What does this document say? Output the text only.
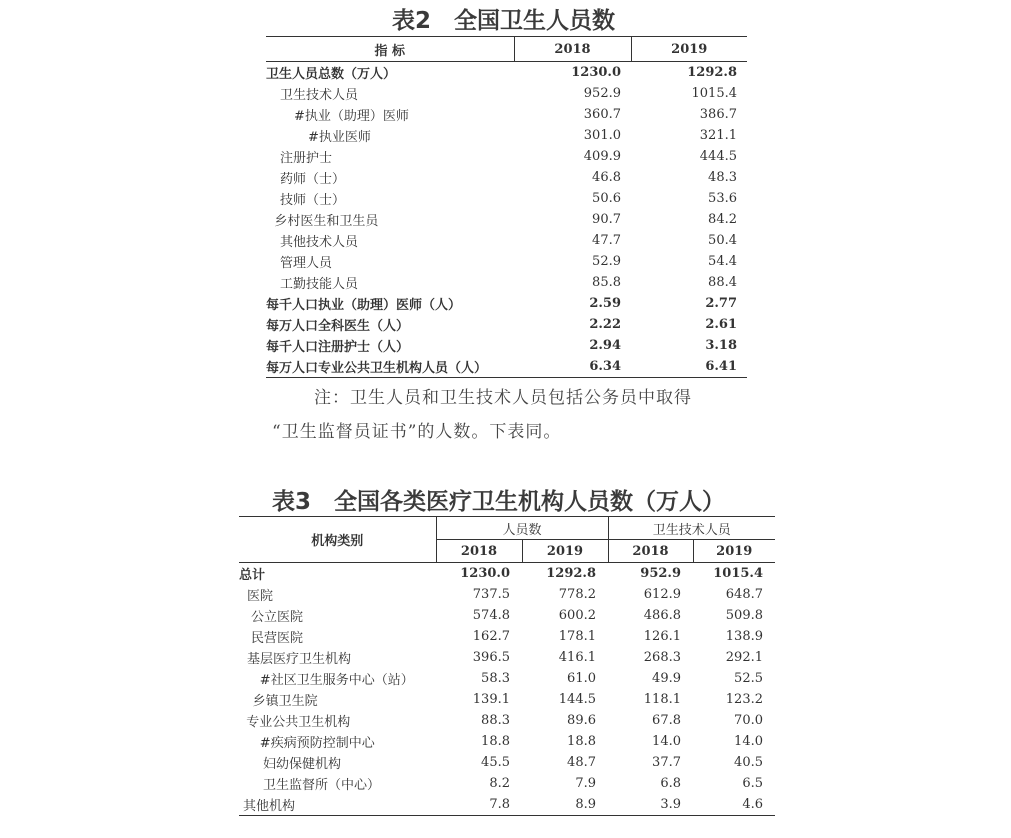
表2　全国卫生人员数
指 标	2018	2019
卫生人员总数（万人）	1230.0	1292.8
卫生技术人员	952.9	1015.4
#执业（助理）医师	360.7	386.7
#执业医师	301.0	321.1
注册护士	409.9	444.5
药师（士）	46.8	48.3
技师（士）	50.6	53.6
乡村医生和卫生员	90.7	84.2
其他技术人员	47.7	50.4
管理人员	52.9	54.4
工勤技能人员	85.8	88.4
每千人口执业（助理）医师（人）	2.59	2.77
每万人口全科医生（人）	2.22	2.61
每千人口注册护士（人）	2.94	3.18
每万人口专业公共卫生机构人员（人）	6.34	6.41
注：卫生人员和卫生技术人员包括公务员中取得
“卫生监督员证书”的人数。下表同。
表3　全国各类医疗卫生机构人员数（万人）
机构类别	人员数		卫生技术人员	
	2018	2019	2018	2019
总计	1230.0	1292.8	952.9	1015.4
医院	737.5	778.2	612.9	648.7
公立医院	574.8	600.2	486.8	509.8
民营医院	162.7	178.1	126.1	138.9
基层医疗卫生机构	396.5	416.1	268.3	292.1
#社区卫生服务中心（站）	58.3	61.0	49.9	52.5
乡镇卫生院	139.1	144.5	118.1	123.2
专业公共卫生机构	88.3	89.6	67.8	70.0
#疾病预防控制中心	18.8	18.8	14.0	14.0
妇幼保健机构	45.5	48.7	37.7	40.5
卫生监督所（中心）	8.2	7.9	6.8	6.5
其他机构	7.8	8.9	3.9	4.6
